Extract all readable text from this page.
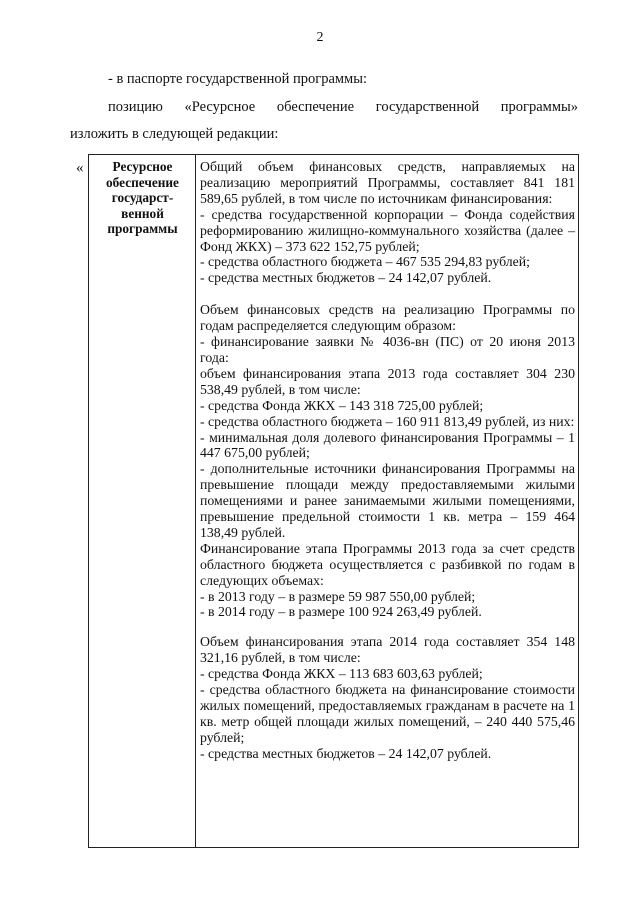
2
- в паспорте государственной программы:
позицию «Ресурсное обеспечение государственной программы»
изложить в следующей редакции:
«	Ресурсное
обеспечение
государст-
венной
программы

Общий объем финансовых средств, направляемых на реализацию мероприятий Программы, составляет 841 181 589,65 рублей, в том числе по источникам финансирования:

- средства государственной корпорации – Фонда содействия реформированию жилищно-коммунального хозяйства (далее – Фонд ЖКХ) – 373 622 152,75 рублей;

- средства областного бюджета – 467 535 294,83 рублей;

- средства местных бюджетов – 24 142,07 рублей.

Объем финансовых средств на реализацию Программы по годам распределяется следующим образом:

- финансирование заявки № 4036-вн (ПС) от 20 июня 2013 года:

объем финансирования этапа 2013 года составляет 304 230 538,49 рублей, в том числе:

- средства Фонда ЖКХ – 143 318 725,00 рублей;

- средства областного бюджета – 160 911 813,49 рублей, из них:

- минимальная доля долевого финансирования Программы – 1 447 675,00 рублей;

- дополнительные источники финансирования Программы на превышение площади между предоставляемыми жилыми помещениями и ранее занимаемыми жилыми помещениями, превышение предельной стоимости 1 кв. метра – 159 464 138,49 рублей.

Финансирование этапа Программы 2013 года за счет средств областного бюджета осуществляется с разбивкой по годам в следующих объемах:

- в 2013 году – в размере 59 987 550,00 рублей;

- в 2014 году – в размере 100 924 263,49 рублей.

Объем финансирования этапа 2014 года составляет 354 148 321,16 рублей, в том числе:

- средства Фонда ЖКХ – 113 683 603,63 рублей;

- средства областного бюджета на финансирование стоимости жилых помещений, предоставляемых гражданам в расчете на 1 кв. метр общей площади жилых помещений, – 240 440 575,46 рублей;

- средства местных бюджетов – 24 142,07 рублей.
